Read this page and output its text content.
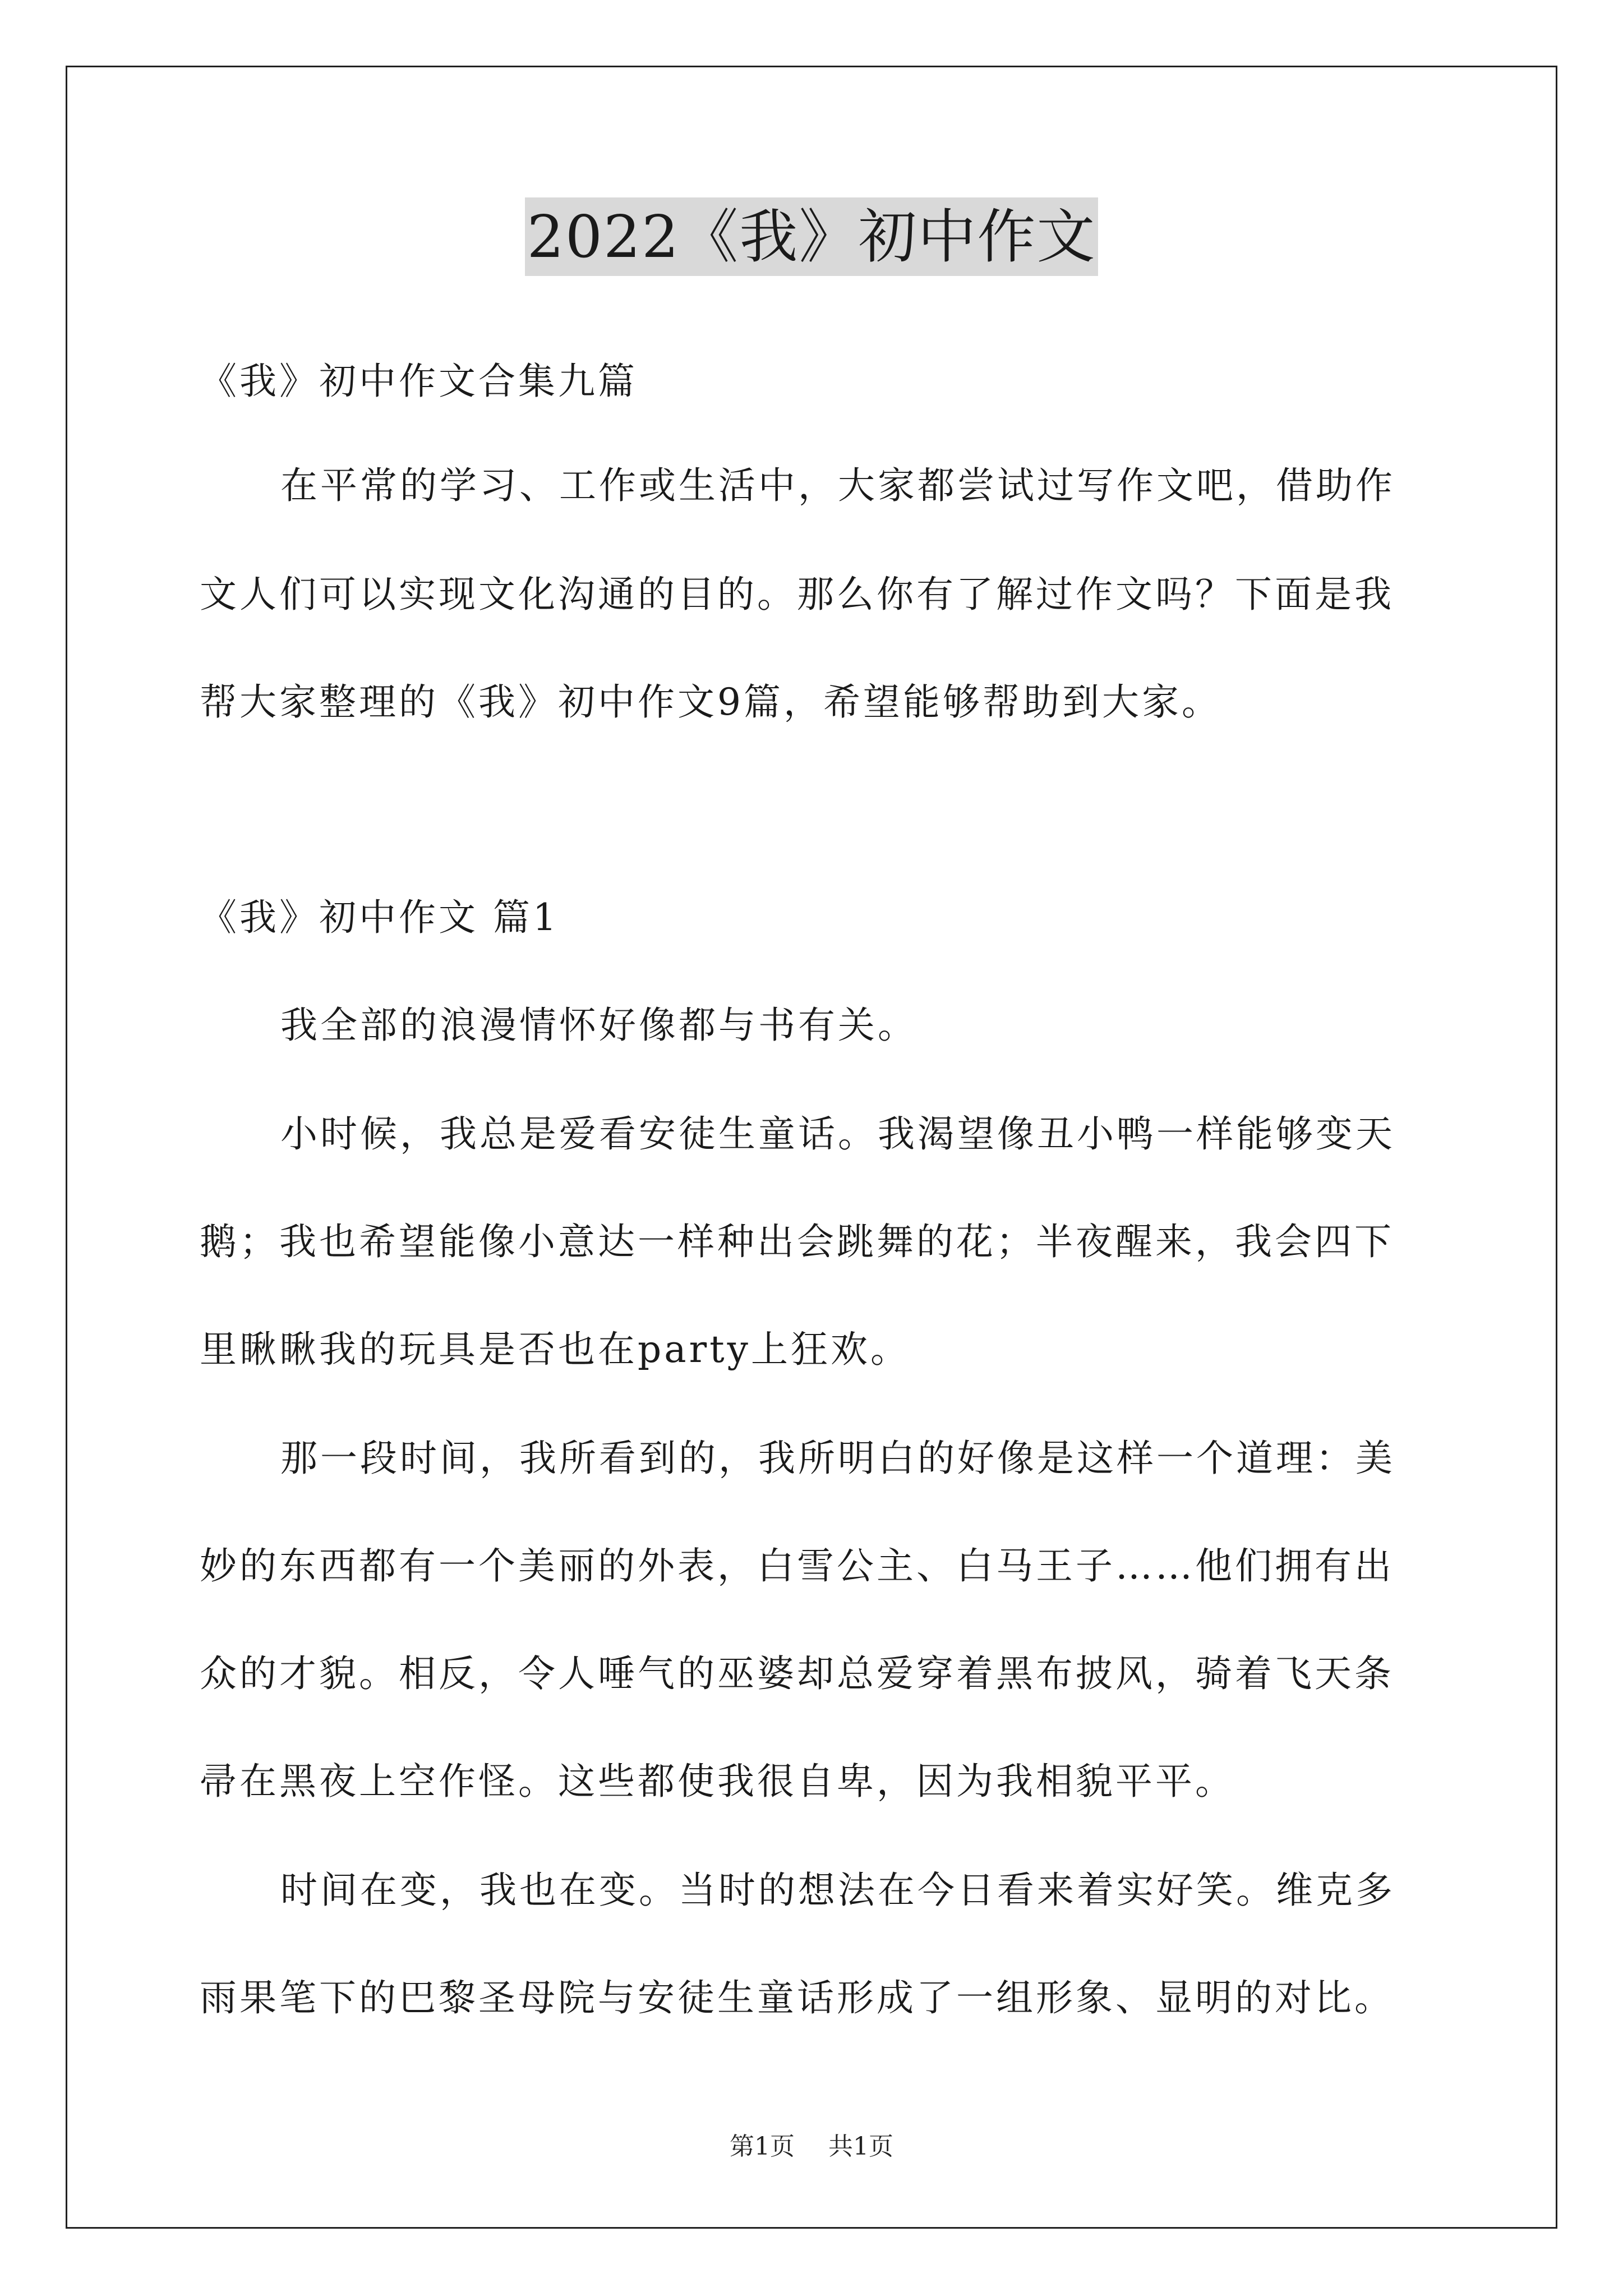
2022《我》初中作文
《我》初中作文合集九篇
在平常的学习、工作或生活中，大家都尝试过写作文吧，借助作
文人们可以实现文化沟通的目的。那么你有了解过作文吗？下面是我
帮大家整理的《我》初中作文9篇，希望能够帮助到大家。
《我》初中作文 篇1
我全部的浪漫情怀好像都与书有关。
小时候，我总是爱看安徒生童话。我渴望像丑小鸭一样能够变天
鹅；我也希望能像小意达一样种出会跳舞的花；半夜醒来，我会四下
里瞅瞅我的玩具是否也在party上狂欢。
那一段时间，我所看到的，我所明白的好像是这样一个道理：美
妙的东西都有一个美丽的外表，白雪公主、白马王子……他们拥有出
众的才貌。相反，令人唾气的巫婆却总爱穿着黑布披风，骑着飞天条
帚在黑夜上空作怪。这些都使我很自卑，因为我相貌平平。
时间在变，我也在变。当时的想法在今日看来着实好笑。维克多
雨果笔下的巴黎圣母院与安徒生童话形成了一组形象、显明的对比。
第1页 共1页
